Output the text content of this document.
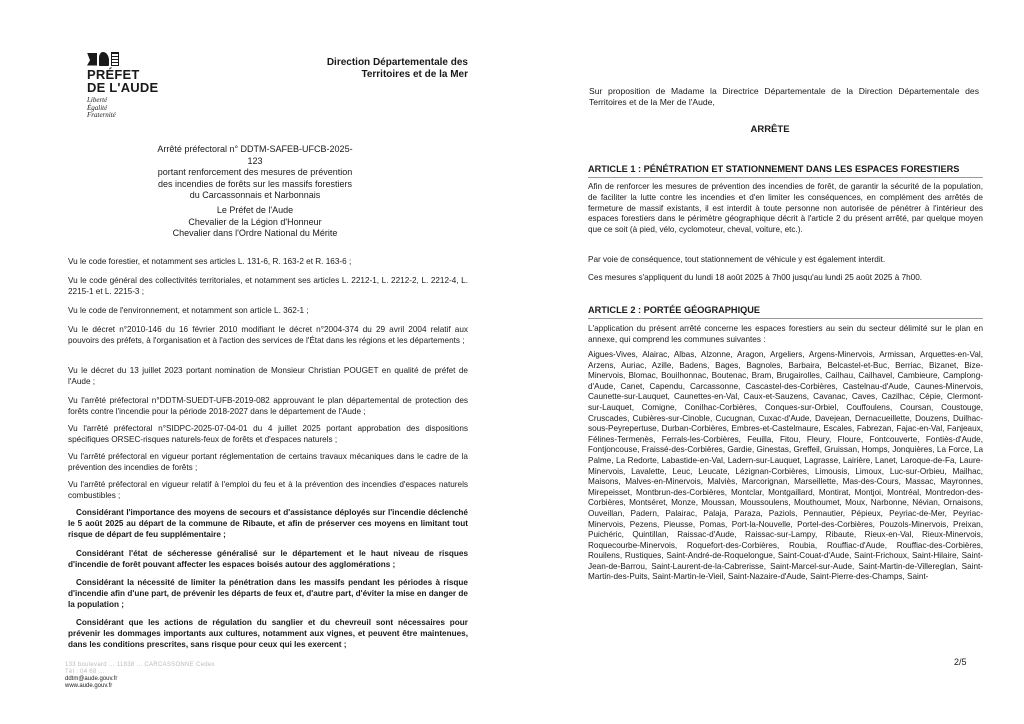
PRÉFET
DE L'AUDE
Liberté
Égalité
Fraternité
Direction Départementale des
Territoires et de la Mer
Arrêté préfectoral n° DDTM-SAFEB-UFCB-2025-123
portant renforcement des mesures de prévention
des incendies de forêts sur les massifs forestiers
du Carcassonnais et Narbonnais
Le Préfet de l'Aude
Chevalier de la Légion d'Honneur
Chevalier dans l'Ordre National du Mérite

Vu le code forestier, et notamment ses articles L. 131-6, R. 163-2 et R. 163-6 ;

Vu le code général des collectivités territoriales, et notamment ses articles L. 2212-1, L. 2212-2, L. 2212-4, L. 2215-1 et L. 2215-3 ;

Vu le code de l'environnement, et notamment son article L. 362-1 ;

Vu le décret n°2010-146 du 16 février 2010 modifiant le décret n°2004-374 du 29 avril 2004 relatif aux pouvoirs des préfets, à l'organisation et à l'action des services de l'État dans les régions et les départements ;

Vu le décret du 13 juillet 2023 portant nomination de Monsieur Christian POUGET en qualité de préfet de l'Aude ;

Vu l'arrêté préfectoral n°DDTM-SUEDT-UFB-2019-082 approuvant le plan départemental de protection des forêts contre l'incendie pour la période 2018-2027 dans le département de l'Aude ;

Vu l'arrêté préfectoral n°SIDPC-2025-07-04-01 du 4 juillet 2025 portant approbation des dispositions spécifiques ORSEC-risques naturels-feux de forêts et d'espaces naturels ;

Vu l'arrêté préfectoral en vigueur portant réglementation de certains travaux mécaniques dans le cadre de la prévention des incendies de forêts ;

Vu l'arrêté préfectoral en vigueur relatif à l'emploi du feu et à la prévention des incendies d'espaces naturels combustibles ;

Considérant l'importance des moyens de secours et d'assistance déployés sur l'incendie déclenché le 5 août 2025 au départ de la commune de Ribaute, et afin de préserver ces moyens en limitant tout risque de départ de feu supplémentaire ;

Considérant l'état de sécheresse généralisé sur le département et le haut niveau de risques d'incendie de forêt pouvant affecter les espaces boisés autour des agglomérations ;

Considérant la nécessité de limiter la pénétration dans les massifs pendant les périodes à risque d'incendie afin d'une part, de prévenir les départs de feux et, d'autre part, d'éviter la mise en danger de la population ;

Considérant que les actions de régulation du sanglier et du chevreuil sont nécessaires pour prévenir les dommages importants aux cultures, notamment aux vignes, et peuvent être maintenues, dans les conditions prescrites, sans risque pour ceux qui les exercent ;

133 boulevard ... 11838 ... CARCASSONNE Cedex
Tél : 04 68 ...
ddtm@aude.gouv.fr
www.aude.gouv.fr

Sur proposition de Madame la Directrice Départementale de la Direction Départementale des Territoires et de la Mer de l'Aude,

ARRÊTE
ARTICLE 1 : PÉNÉTRATION ET STATIONNEMENT DANS LES ESPACES FORESTIERS

Afin de renforcer les mesures de prévention des incendies de forêt, de garantir la sécurité de la population, de faciliter la lutte contre les incendies et d'en limiter les conséquences, en complément des arrêtés de fermeture de massif existants, il est interdit à toute personne non autorisée de pénétrer à l'intérieur des espaces forestiers dans le périmètre géographique décrit à l'article 2 du présent arrêté, par quelque moyen que ce soit (à pied, vélo, cyclomoteur, cheval, voiture, etc.).

Par voie de conséquence, tout stationnement de véhicule y est également interdit.

Ces mesures s'appliquent du lundi 18 août 2025 à 7h00 jusqu'au lundi 25 août 2025 à 7h00.

ARTICLE 2 : PORTÉE GÉOGRAPHIQUE

L'application du présent arrêté concerne les espaces forestiers au sein du secteur délimité sur le plan en annexe, qui comprend les communes suivantes :

Aigues-Vives, Alairac, Albas, Alzonne, Aragon, Argeliers, Argens-Minervois, Armissan, Arquettes-en-Val, Arzens, Auriac, Azille, Badens, Bages, Bagnoles, Barbaira, Belcastel-et-Buc, Berriac, Bizanet, Bize-Minervois, Blomac, Bouilhonnac, Boutenac, Bram, Brugairolles, Cailhau, Cailhavel, Cambieure, Camplong-d'Aude, Canet, Capendu, Carcassonne, Cascastel-des-Corbières, Castelnau-d'Aude, Caunes-Minervois, Caunette-sur-Lauquet, Caunettes-en-Val, Caux-et-Sauzens, Cavanac, Caves, Cazilhac, Cépie, Clermont-sur-Lauquet, Comigne, Conilhac-Corbières, Conques-sur-Orbiel, Couffoulens, Coursan, Coustouge, Cruscades, Cubières-sur-Cinoble, Cucugnan, Cuxac-d'Aude, Davejean, Dernacueillette, Douzens, Duilhac-sous-Peyrepertuse, Durban-Corbières, Embres-et-Castelmaure, Escales, Fabrezan, Fajac-en-Val, Fanjeaux, Félines-Termenès, Ferrals-les-Corbières, Feuilla, Fitou, Fleury, Floure, Fontcouverte, Fontiès-d'Aude, Fontjoncouse, Fraissé-des-Corbières, Gardie, Ginestas, Greffeil, Gruissan, Homps, Jonquières, La Force, La Palme, La Redorte, Labastide-en-Val, Ladern-sur-Lauquet, Lagrasse, Lairière, Lanet, Laroque-de-Fa, Laure-Minervois, Lavalette, Leuc, Leucate, Lézignan-Corbières, Limousis, Limoux, Luc-sur-Orbieu, Mailhac, Maisons, Malves-en-Minervois, Malviès, Marcorignan, Marseillette, Mas-des-Cours, Massac, Mayronnes, Mirepeisset, Montbrun-des-Corbières, Montclar, Montgaillard, Montirat, Montjoi, Montréal, Montredon-des-Corbières, Montséret, Monze, Moussan, Moussoulens, Mouthoumet, Moux, Narbonne, Névian, Ornaisons, Ouveillan, Padern, Palairac, Palaja, Paraza, Paziols, Pennautier, Pépieux, Peyriac-de-Mer, Peyriac-Minervois, Pezens, Pieusse, Pomas, Port-la-Nouvelle, Portel-des-Corbières, Pouzols-Minervois, Preixan, Puichéric, Quintillan, Raissac-d'Aude, Raissac-sur-Lampy, Ribaute, Rieux-en-Val, Rieux-Minervois, Roquecourbe-Minervois, Roquefort-des-Corbières, Roubia, Rouffiac-d'Aude, Rouffiac-des-Corbières, Rouilens, Rustiques, Saint-André-de-Roquelongue, Saint-Couat-d'Aude, Saint-Frichoux, Saint-Hilaire, Saint-Jean-de-Barrou, Saint-Laurent-de-la-Cabrerisse, Saint-Marcel-sur-Aude, Saint-Martin-de-Villereglan, Saint-Martin-des-Puits, Saint-Martin-le-Vieil, Saint-Nazaire-d'Aude, Saint-Pierre-des-Champs, Saint-

2/5
